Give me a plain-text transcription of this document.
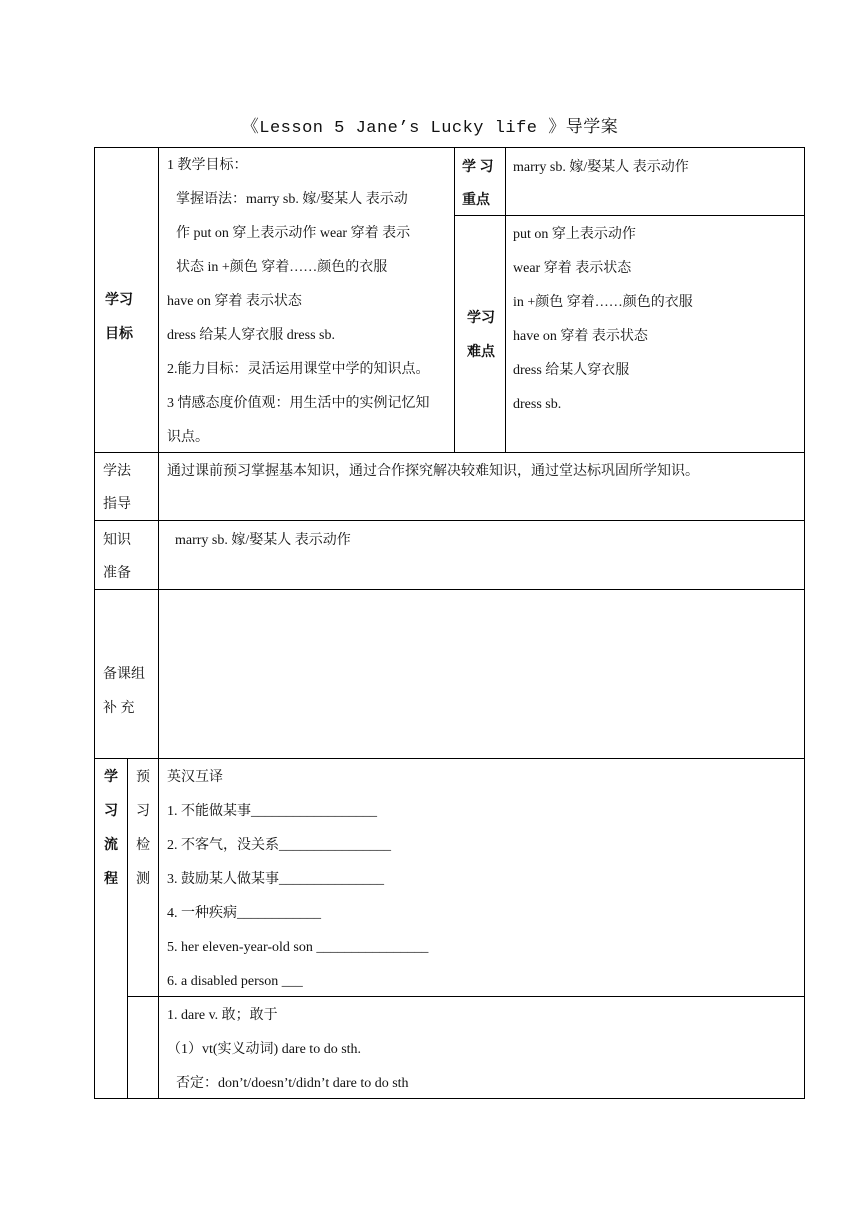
《Lesson 5 Jane’s Lucky life 》导学案
学习
目标
1 教学目标：
掌握语法：marry sb. 嫁/娶某人 表示动
作 put on 穿上表示动作 wear 穿着 表示
状态 in +颜色 穿着……颜色的衣服
have on 穿着 表示状态
dress 给某人穿衣服 dress sb.
2.能力目标：灵活运用课堂中学的知识点。
3 情感态度价值观：用生活中的实例记忆知
识点。
学 习
重点
marry sb. 嫁/娶某人 表示动作
学习
难点
put on 穿上表示动作
wear 穿着 表示状态
in +颜色 穿着……颜色的衣服
have on 穿着 表示状态
dress 给某人穿衣服
dress sb.
学法
指导
通过课前预习掌握基本知识，通过合作探究解决较难知识，通过堂达标巩固所学知识。
知识
准备
marry sb. 嫁/娶某人 表示动作
备课组
补 充
学
习
流
程
预
习
检
测
英汉互译
1. 不能做某事__________________
2. 不客气，没关系________________
3. 鼓励某人做某事_______________
4. 一种疾病____________
5. her eleven-year-old son ________________
6. a disabled person ___
1. dare v. 敢；敢于
（1）vt(实义动词) dare to do sth.
否定：don’t/doesn’t/didn’t dare to do sth
